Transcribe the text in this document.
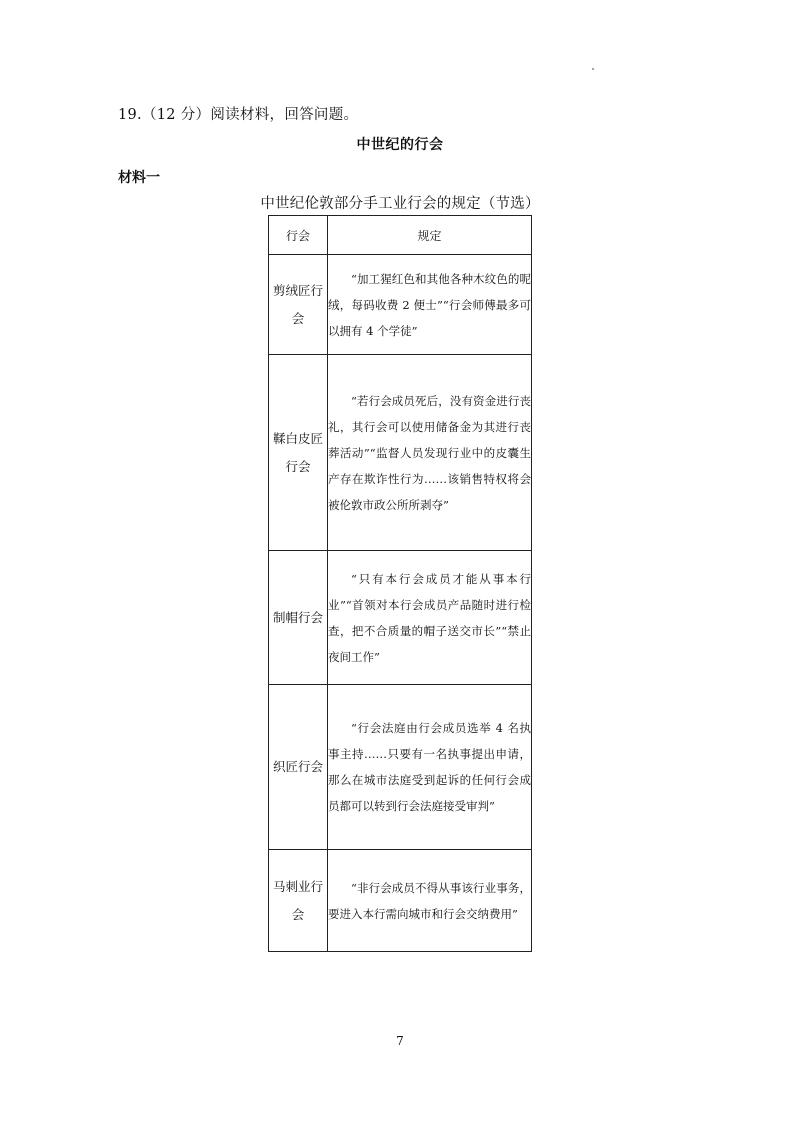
19.（12 分）阅读材料，回答问题。
中世纪的行会
材料一
中世纪伦敦部分手工业行会的规定（节选）
行会	规定
剪绒匠行会	“加工猩红色和其他各种木纹色的呢绒，每码收费 2 便士”“行会师傅最多可以拥有 4 个学徒”

鞣白皮匠行会	“若行会成员死后，没有资金进行丧礼，其行会可以使用储备金为其进行丧葬活动”“监督人员发现行业中的皮囊生产存在欺诈性行为……该销售特权将会被伦敦市政公所所剥夺”

制帽行会	“只有本行会成员才能从事本行业”“首领对本行会成员产品随时进行检查，把不合质量的帽子送交市长”“禁止夜间工作”

织匠行会	“行会法庭由行会成员选举 4 名执事主持……只要有一名执事提出申请，那么在城市法庭受到起诉的任何行会成员都可以转到行会法庭接受审判”

马刺业行会	“非行会成员不得从事该行业事务，要进入本行需向城市和行会交纳费用”
7
